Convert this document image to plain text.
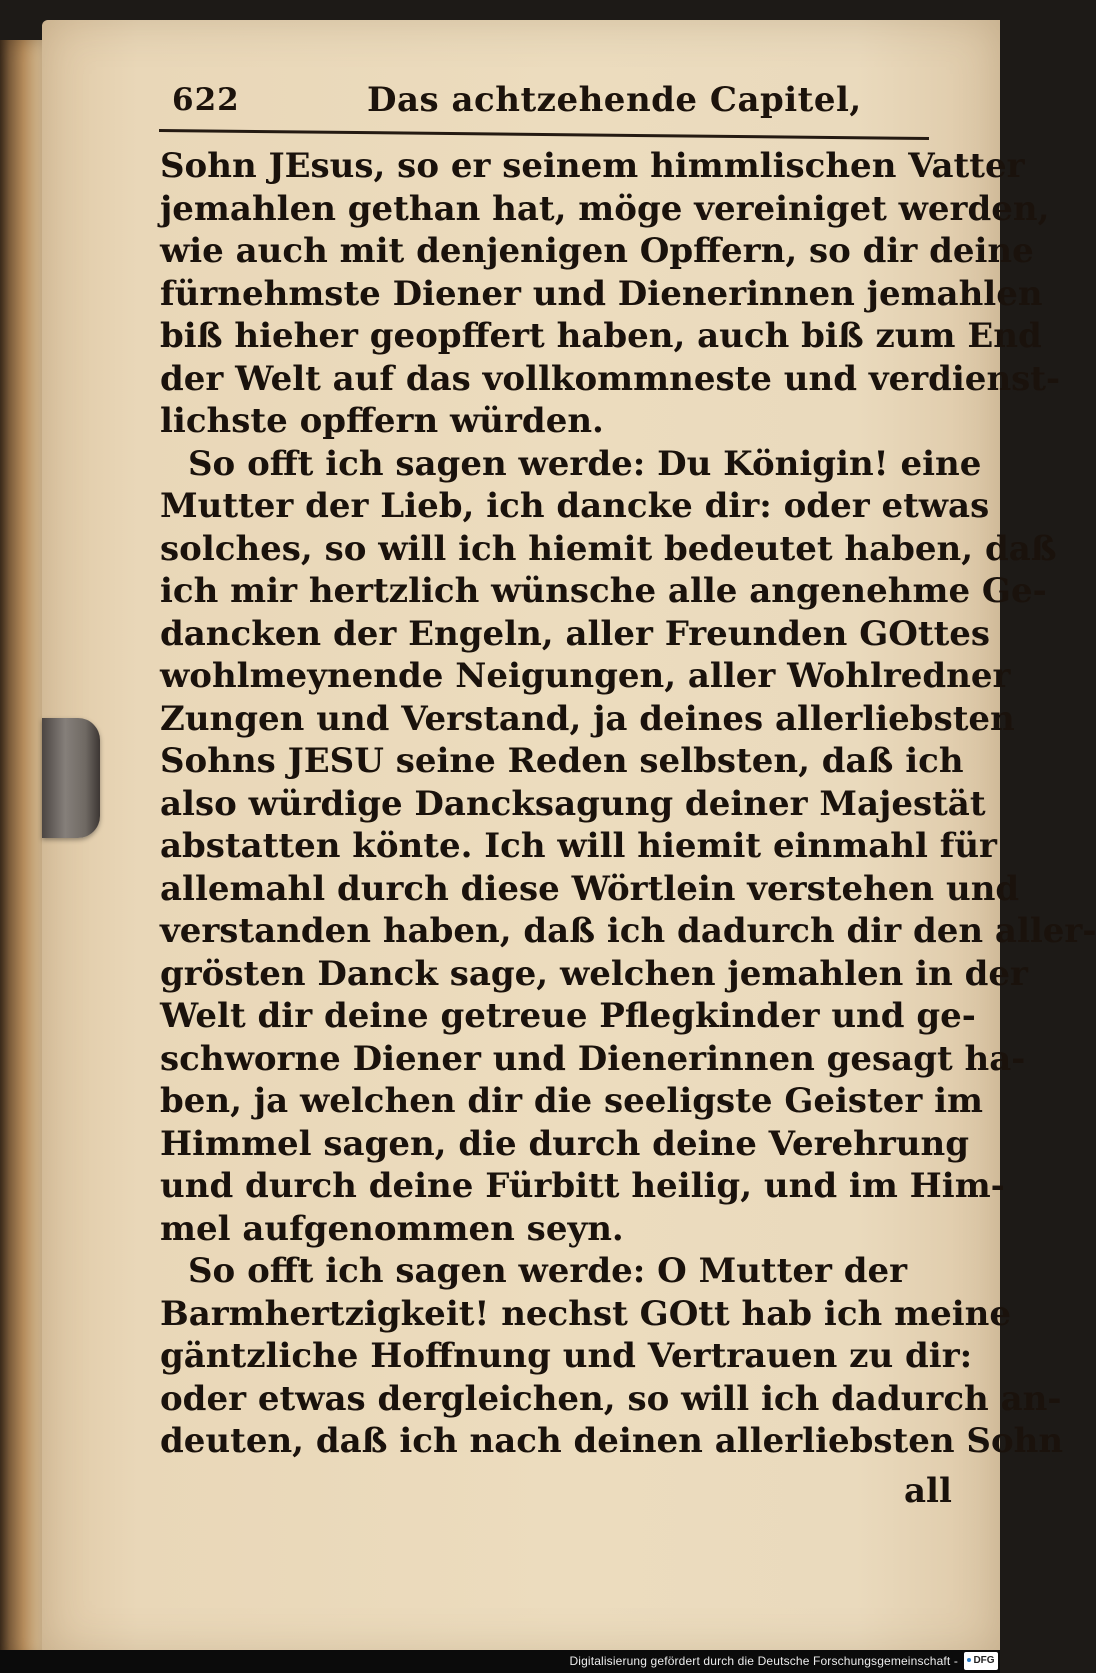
622	Das achtzehende Capitel,
Sohn JEsus, so er seinem himmlischen Vatter
jemahlen gethan hat, möge vereiniget werden,
wie auch mit denjenigen Opffern, so dir deine
fürnehmste Diener und Dienerinnen jemahlen
biß hieher geopffert haben, auch biß zum End
der Welt auf das vollkommneste und verdienst-
lichste opffern würden.
So offt ich sagen werde: Du Königin! eine
Mutter der Lieb, ich dancke dir: oder etwas
solches, so will ich hiemit bedeutet haben, daß
ich mir hertzlich wünsche alle angenehme Ge-
dancken der Engeln, aller Freunden GOttes
wohlmeynende Neigungen, aller Wohlredner
Zungen und Verstand, ja deines allerliebsten
Sohns JESU seine Reden selbsten, daß ich
also würdige Dancksagung deiner Majestät
abstatten könte. Ich will hiemit einmahl für
allemahl durch diese Wörtlein verstehen und
verstanden haben, daß ich dadurch dir den aller-
grösten Danck sage, welchen jemahlen in der
Welt dir deine getreue Pflegkinder und ge-
schworne Diener und Dienerinnen gesagt ha-
ben, ja welchen dir die seeligste Geister im
Himmel sagen, die durch deine Verehrung
und durch deine Fürbitt heilig, und im Him-
mel aufgenommen seyn.
So offt ich sagen werde: O Mutter der
Barmhertzigkeit! nechst GOtt hab ich meine
gäntzliche Hoffnung und Vertrauen zu dir:
oder etwas dergleichen, so will ich dadurch an-
deuten, daß ich nach deinen allerliebsten Sohn
all
Digitalisierung gefördert durch die Deutsche Forschungsgemeinschaft -	DFG
